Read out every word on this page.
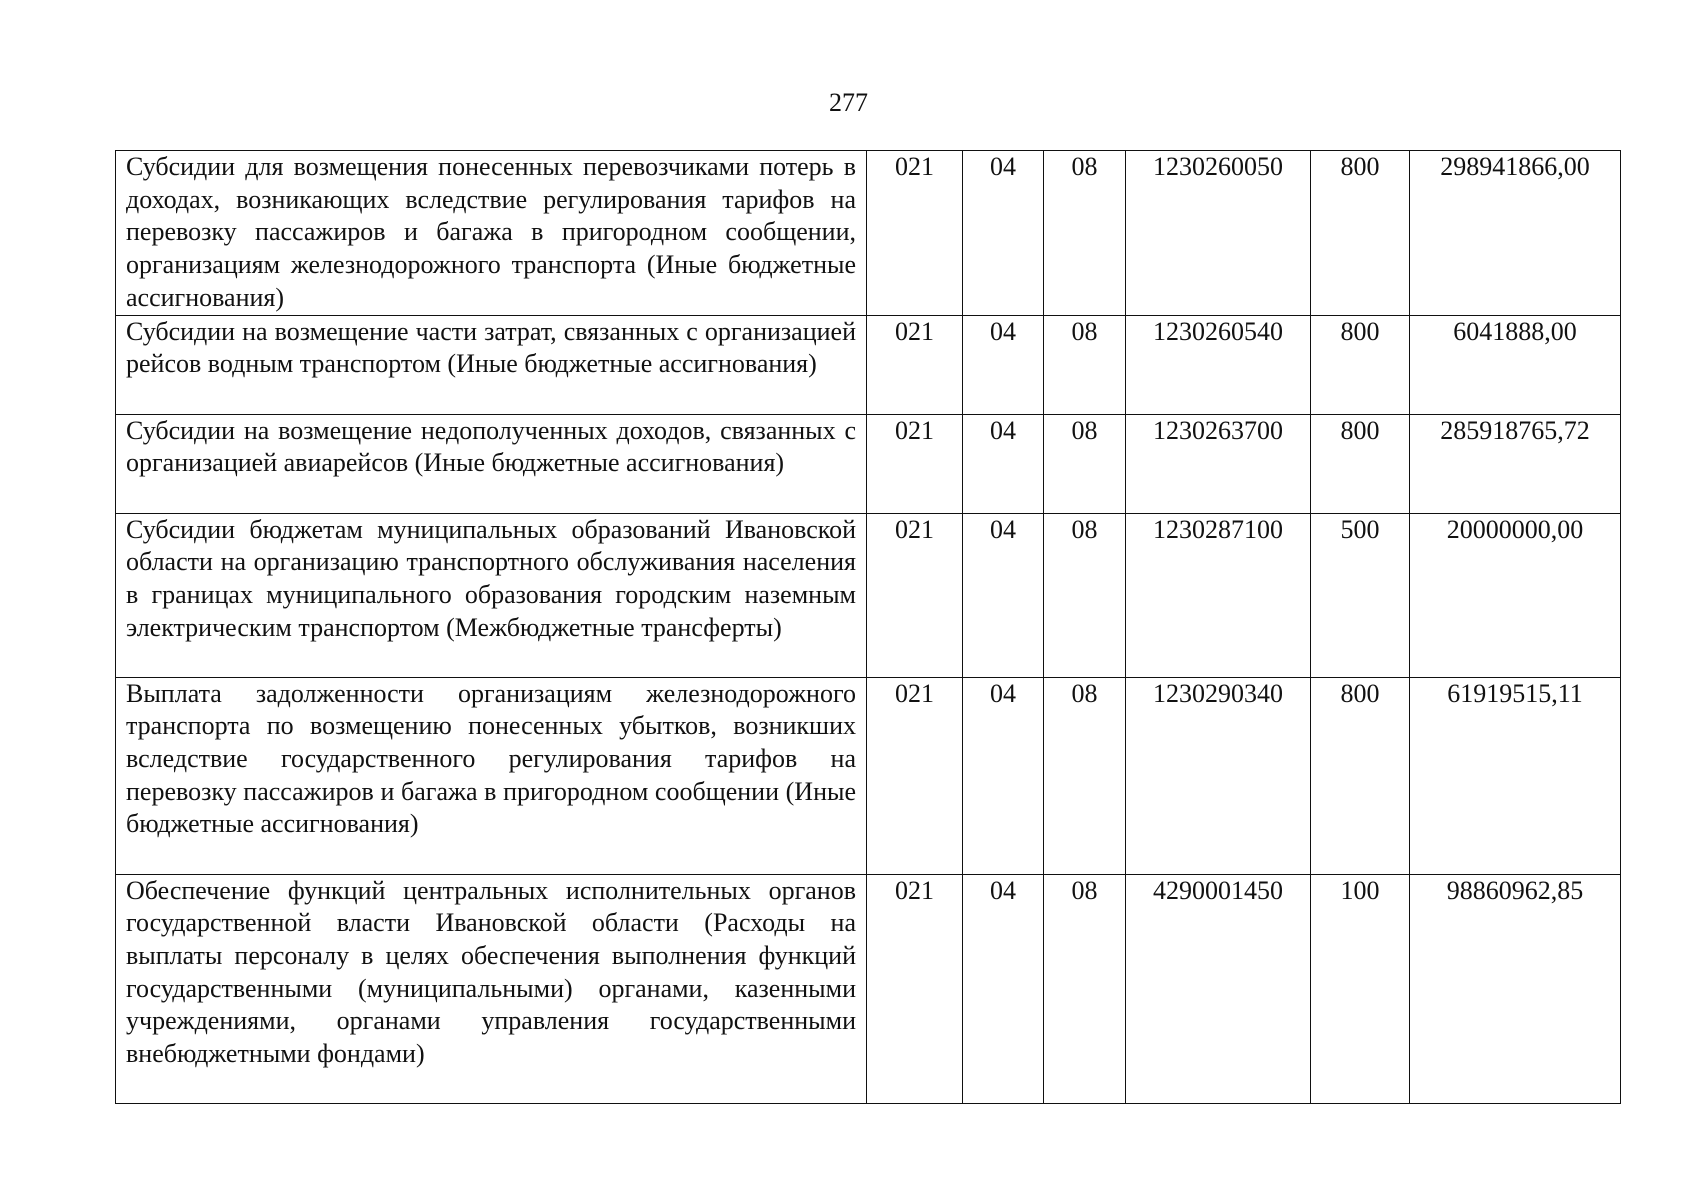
277
Субсидии для возмещения понесенных перевозчиками потерь в доходах, возникающих вследствие регулирования тарифов на перевозку пассажиров и багажа в пригородном сообщении, организациям железнодорожного транспорта (Иные бюджетные ассигнования)	021	04	08	1230260050	800	298941866,00
Субсидии на возмещение части затрат, связанных с организацией рейсов водным транспортом (Иные бюджетные ассигнования)	021	04	08	1230260540	800	6041888,00
Субсидии на возмещение недополученных доходов, связанных с организацией авиарейсов (Иные бюджетные ассигнования)	021	04	08	1230263700	800	285918765,72
Субсидии бюджетам муниципальных образований Ивановской области на организацию транспортного обслуживания населения в границах муниципального образования городским наземным электрическим транспортом (Межбюджетные трансферты)	021	04	08	1230287100	500	20000000,00
Выплата задолженности организациям железнодорожного транспорта по возмещению понесенных убытков, возникших вследствие государственного регулирования тарифов на перевозку пассажиров и багажа в пригородном сообщении (Иные бюджетные ассигнования)	021	04	08	1230290340	800	61919515,11
Обеспечение функций центральных исполнительных органов государственной власти Ивановской области (Расходы на выплаты персоналу в целях обеспечения выполнения функций государственными (муниципальными) органами, казенными учреждениями, органами управления государственными внебюджетными фондами)	021	04	08	4290001450	100	98860962,85
